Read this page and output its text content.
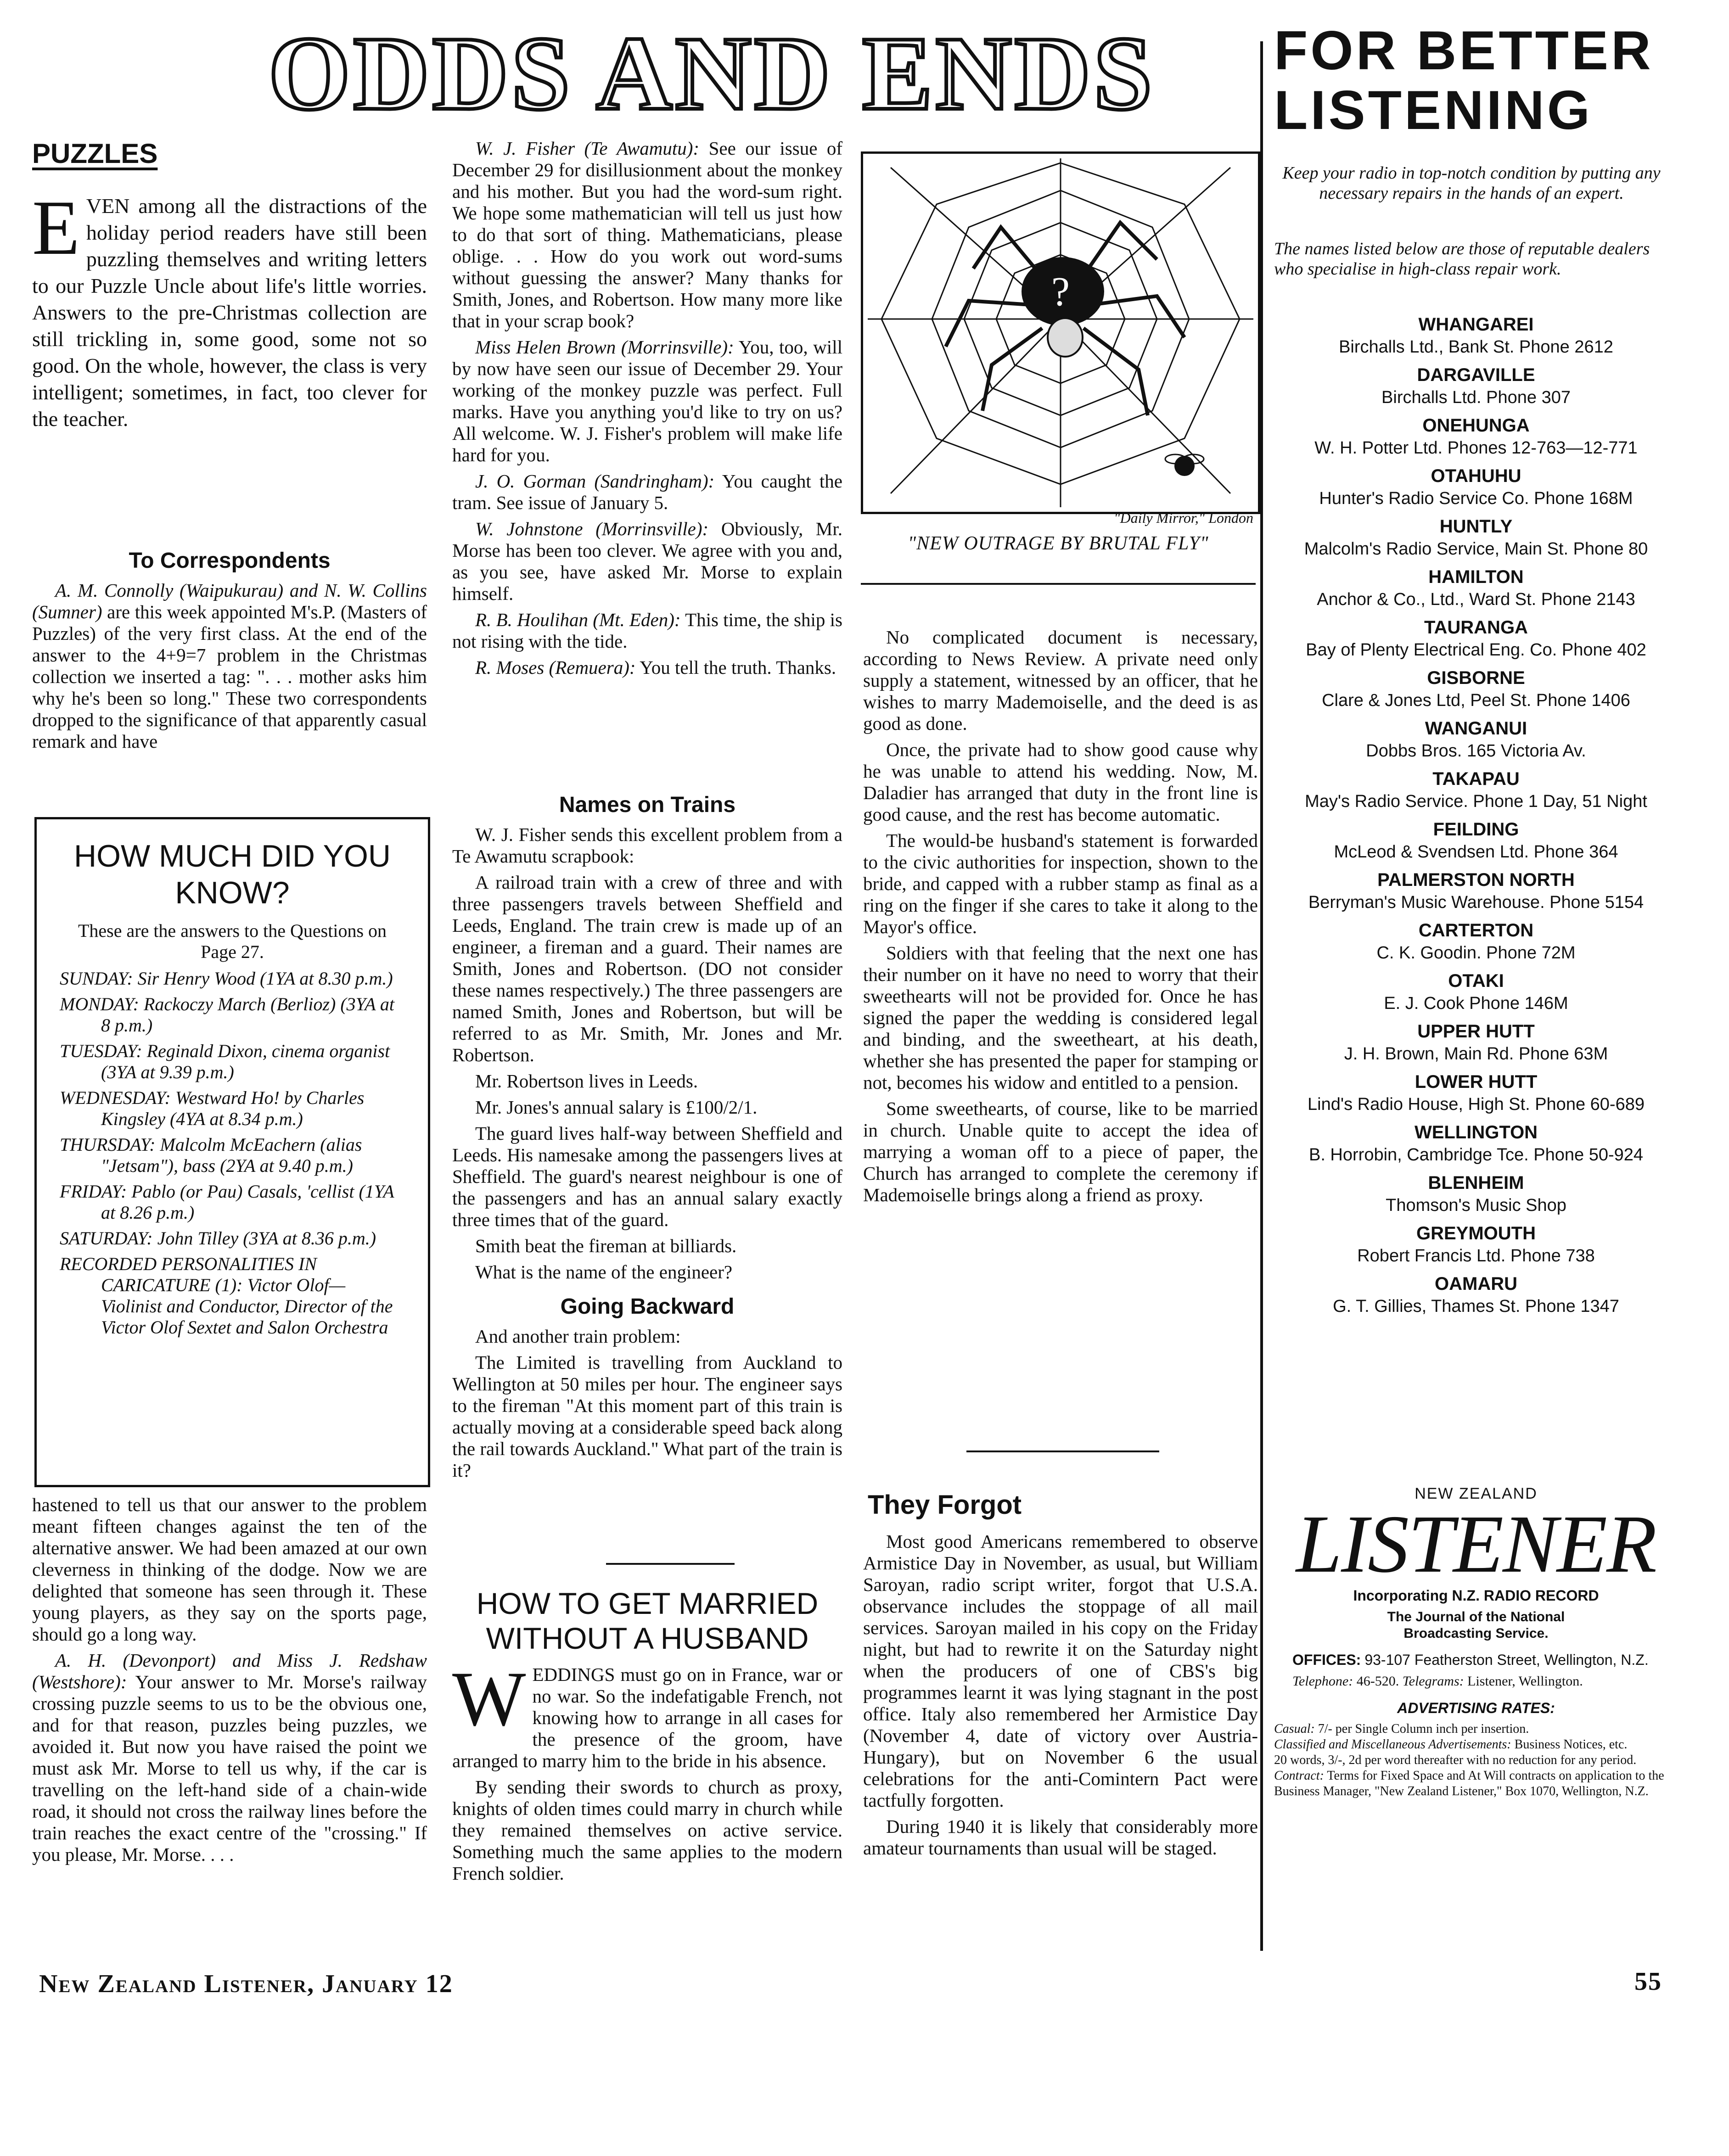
ODDS AND ENDS
PUZZLES
E VEN among all the distractions of the holiday period readers have still been puzzling themselves and writing letters to our Puzzle Uncle about life's little worries. Answers to the pre-Christmas collection are still trickling in, some good, some not so good. On the whole, however, the class is very intelligent; sometimes, in fact, too clever for the teacher.
To Correspondents

A. M. Connolly (Waipukurau) and N. W. Collins (Sumner) are this week appointed M's.P. (Masters of Puzzles) of the very first class. At the end of the answer to the 4+9=7 problem in the Christmas collection we inserted a tag: ". . . mother asks him why he's been so long." These two correspondents dropped to the significance of that apparently casual remark and have

HOW MUCH DID YOU KNOW?

These are the answers to the Questions on Page 27.

SUNDAY: Sir Henry Wood (1YA at 8.30 p.m.)

MONDAY: Rackoczy March (Berlioz) (3YA at 8 p.m.)

TUESDAY: Reginald Dixon, cinema organist (3YA at 9.39 p.m.)

WEDNESDAY: Westward Ho! by Charles Kingsley (4YA at 8.34 p.m.)

THURSDAY: Malcolm McEachern (alias "Jetsam"), bass (2YA at 9.40 p.m.)

FRIDAY: Pablo (or Pau) Casals, 'cellist (1YA at 8.26 p.m.)

SATURDAY: John Tilley (3YA at 8.36 p.m.)

RECORDED PERSONALITIES IN CARICATURE (1): Victor Olof—Violinist and Conductor, Director of the Victor Olof Sextet and Salon Orchestra

hastened to tell us that our answer to the problem meant fifteen changes against the ten of the alternative answer. We had been amazed at our own cleverness in thinking of the dodge. Now we are delighted that someone has seen through it. These young players, as they say on the sports page, should go a long way.

A. H. (Devonport) and Miss J. Redshaw (Westshore): Your answer to Mr. Morse's railway crossing puzzle seems to us to be the obvious one, and for that reason, puzzles being puzzles, we avoided it. But now you have raised the point we must ask Mr. Morse to tell us why, if the car is travelling on the left-hand side of a chain-wide road, it should not cross the railway lines before the train reaches the exact centre of the "crossing." If you please, Mr. Morse. . . .

W. J. Fisher (Te Awamutu): See our issue of December 29 for disillusionment about the monkey and his mother. But you had the word-sum right. We hope some mathematician will tell us just how to do that sort of thing. Mathematicians, please oblige. . . How do you work out word-sums without guessing the answer? Many thanks for Smith, Jones, and Robertson. How many more like that in your scrap book?

Miss Helen Brown (Morrinsville): You, too, will by now have seen our issue of December 29. Your working of the monkey puzzle was perfect. Full marks. Have you anything you'd like to try on us? All welcome. W. J. Fisher's problem will make life hard for you.

J. O. Gorman (Sandringham): You caught the tram. See issue of January 5.

W. Johnstone (Morrinsville): Obviously, Mr. Morse has been too clever. We agree with you and, as you see, have asked Mr. Morse to explain himself.

R. B. Houlihan (Mt. Eden): This time, the ship is not rising with the tide.

R. Moses (Remuera): You tell the truth. Thanks.

Names on Trains

W. J. Fisher sends this excellent problem from a Te Awamutu scrapbook:

A railroad train with a crew of three and with three passengers travels between Sheffield and Leeds, England. The train crew is made up of an engineer, a fireman and a guard. Their names are Smith, Jones and Robertson. (DO not consider these names respectively.) The three passengers are named Smith, Jones and Robertson, but will be referred to as Mr. Smith, Mr. Jones and Mr. Robertson.

Mr. Robertson lives in Leeds.

Mr. Jones's annual salary is £100/2/1.

The guard lives half-way between Sheffield and Leeds. His namesake among the passengers lives at Sheffield. The guard's nearest neighbour is one of the passengers and has an annual salary exactly three times that of the guard.

Smith beat the fireman at billiards.

What is the name of the engineer?

Going Backward

And another train problem:

The Limited is travelling from Auckland to Wellington at 50 miles per hour. The engineer says to the fireman "At this moment part of this train is actually moving at a considerable speed back along the rail towards Auckland." What part of the train is it?

HOW TO GET MARRIED WITHOUT A HUSBAND

WEDDINGS must go on in France, war or no war. So the indefatigable French, not knowing how to arrange in all cases for the presence of the groom, have arranged to marry him to the bride in his absence.

By sending their swords to church as proxy, knights of olden times could marry in church while they remained themselves on active service. Something much the same applies to the modern French soldier.

?
"Daily Mirror," London
"NEW OUTRAGE BY BRUTAL FLY"

No complicated document is necessary, according to News Review. A private need only supply a statement, witnessed by an officer, that he wishes to marry Mademoiselle, and the deed is as good as done.

Once, the private had to show good cause why he was unable to attend his wedding. Now, M. Daladier has arranged that duty in the front line is good cause, and the rest has become automatic.

The would-be husband's statement is forwarded to the civic authorities for inspection, shown to the bride, and capped with a rubber stamp as final as a ring on the finger if she cares to take it along to the Mayor's office.

Soldiers with that feeling that the next one has their number on it have no need to worry that their sweethearts will not be provided for. Once he has signed the paper the wedding is considered legal and binding, and the sweetheart, at his death, whether she has presented the paper for stamping or not, becomes his widow and entitled to a pension.

Some sweethearts, of course, like to be married in church. Unable quite to accept the idea of marrying a woman off to a piece of paper, the Church has arranged to complete the ceremony if Mademoiselle brings along a friend as proxy.

They Forgot

Most good Americans remembered to observe Armistice Day in November, as usual, but William Saroyan, radio script writer, forgot that U.S.A. observance includes the stoppage of all mail services. Saroyan mailed in his copy on the Friday night, but had to rewrite it on the Saturday night when the producers of one of CBS's big programmes learnt it was lying stagnant in the post office. Italy also remembered her Armistice Day (November 4, date of victory over Austria-Hungary), but on November 6 the usual celebrations for the anti-Comintern Pact were tactfully forgotten.

During 1940 it is likely that considerably more amateur tournaments than usual will be staged.

FOR BETTER LISTENING
Keep your radio in top-notch condition by putting any necessary repairs in the hands of an expert.
The names listed below are those of reputable dealers who specialise in high-class repair work.
WHANGAREI
Birchalls Ltd., Bank St. Phone 2612
DARGAVILLE
Birchalls Ltd. Phone 307
ONEHUNGA
W. H. Potter Ltd. Phones 12-763—12-771
OTAHUHU
Hunter's Radio Service Co. Phone 168M
HUNTLY
Malcolm's Radio Service, Main St. Phone 80
HAMILTON
Anchor & Co., Ltd., Ward St. Phone 2143
TAURANGA
Bay of Plenty Electrical Eng. Co. Phone 402
GISBORNE
Clare & Jones Ltd, Peel St. Phone 1406
WANGANUI
Dobbs Bros. 165 Victoria Av.
TAKAPAU
May's Radio Service. Phone 1 Day, 51 Night
FEILDING
McLeod & Svendsen Ltd. Phone 364
PALMERSTON NORTH
Berryman's Music Warehouse. Phone 5154
CARTERTON
C. K. Goodin. Phone 72M
OTAKI
E. J. Cook Phone 146M
UPPER HUTT
J. H. Brown, Main Rd. Phone 63M
LOWER HUTT
Lind's Radio House, High St. Phone 60-689
WELLINGTON
B. Horrobin, Cambridge Tce. Phone 50-924
BLENHEIM
Thomson's Music Shop
GREYMOUTH
Robert Francis Ltd. Phone 738
OAMARU
G. T. Gillies, Thames St. Phone 1347
NEW ZEALAND
LISTENER
Incorporating N.Z. RADIO RECORD
The Journal of the National Broadcasting Service.
OFFICES: 93-107 Featherston Street, Wellington, N.Z.
Telephone: 46-520. Telegrams: Listener, Wellington.
ADVERTISING RATES:
Casual: 7/- per Single Column inch per insertion.
Classified and Miscellaneous Advertisements: Business Notices, etc.
20 words, 3/-, 2d per word thereafter with no reduction for any period.
Contract: Terms for Fixed Space and At Will contracts on application to the Business Manager, "New Zealand Listener," Box 1070, Wellington, N.Z.
New Zealand Listener, January 12	55
